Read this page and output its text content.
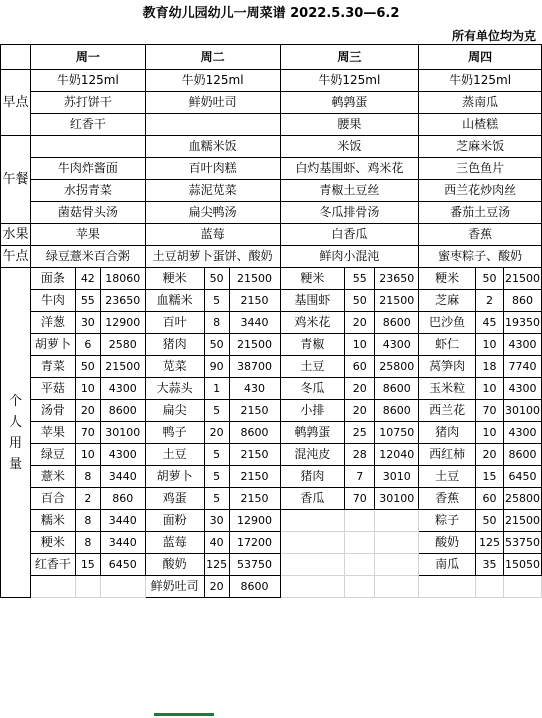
教育幼儿园幼儿一周菜谱 2022.5.30—6.2
所有单位均为克
	周一			周二			周三			周四		
早点	牛奶125ml			牛奶125ml			牛奶125ml			牛奶125ml		
	苏打饼干			鲜奶吐司			鹌鹑蛋			蒸南瓜		
	红香干						腰果			山楂糕		
午餐				血糯米饭			米饭			芝麻米饭		
	牛肉炸酱面			百叶肉糕			白灼基围虾、鸡米花			三色鱼片		
	水拐青菜			蒜泥苋菜			青椒土豆丝			西兰花炒肉丝		
	菌菇骨头汤			扁尖鸭汤			冬瓜排骨汤			番茄土豆汤		
水果	苹果			蓝莓			白香瓜			香蕉		
午点	绿豆薏米百合粥			土豆胡萝卜蛋饼、酸奶			鲜肉小混沌			蜜枣粽子、酸奶		
个
人
用
量	面条	42	18060	粳米	50	21500	粳米	55	23650	粳米	50	21500
	牛肉	55	23650	血糯米	5	2150	基围虾	50	21500	芝麻	2	860
	洋葱	30	12900	百叶	8	3440	鸡米花	20	8600	巴沙鱼	45	19350
	胡萝卜	6	2580	猪肉	50	21500	青椒	10	4300	虾仁	10	4300
	青菜	50	21500	苋菜	90	38700	土豆	60	25800	莴笋肉	18	7740
	平菇	10	4300	大蒜头	1	430	冬瓜	20	8600	玉米粒	10	4300
	汤骨	20	8600	扁尖	5	2150	小排	20	8600	西兰花	70	30100
	苹果	70	30100	鸭子	20	8600	鹌鹑蛋	25	10750	猪肉	10	4300
	绿豆	10	4300	土豆	5	2150	混沌皮	28	12040	西红柿	20	8600
	薏米	8	3440	胡萝卜	5	2150	猪肉	7	3010	土豆	15	6450
	百合	2	860	鸡蛋	5	2150	香瓜	70	30100	香蕉	60	25800
	糯米	8	3440	面粉	30	12900				粽子	50	21500
	粳米	8	3440	蓝莓	40	17200				酸奶	125	53750
	红香干	15	6450	酸奶	125	53750				南瓜	35	15050
				鲜奶吐司	20	8600						
